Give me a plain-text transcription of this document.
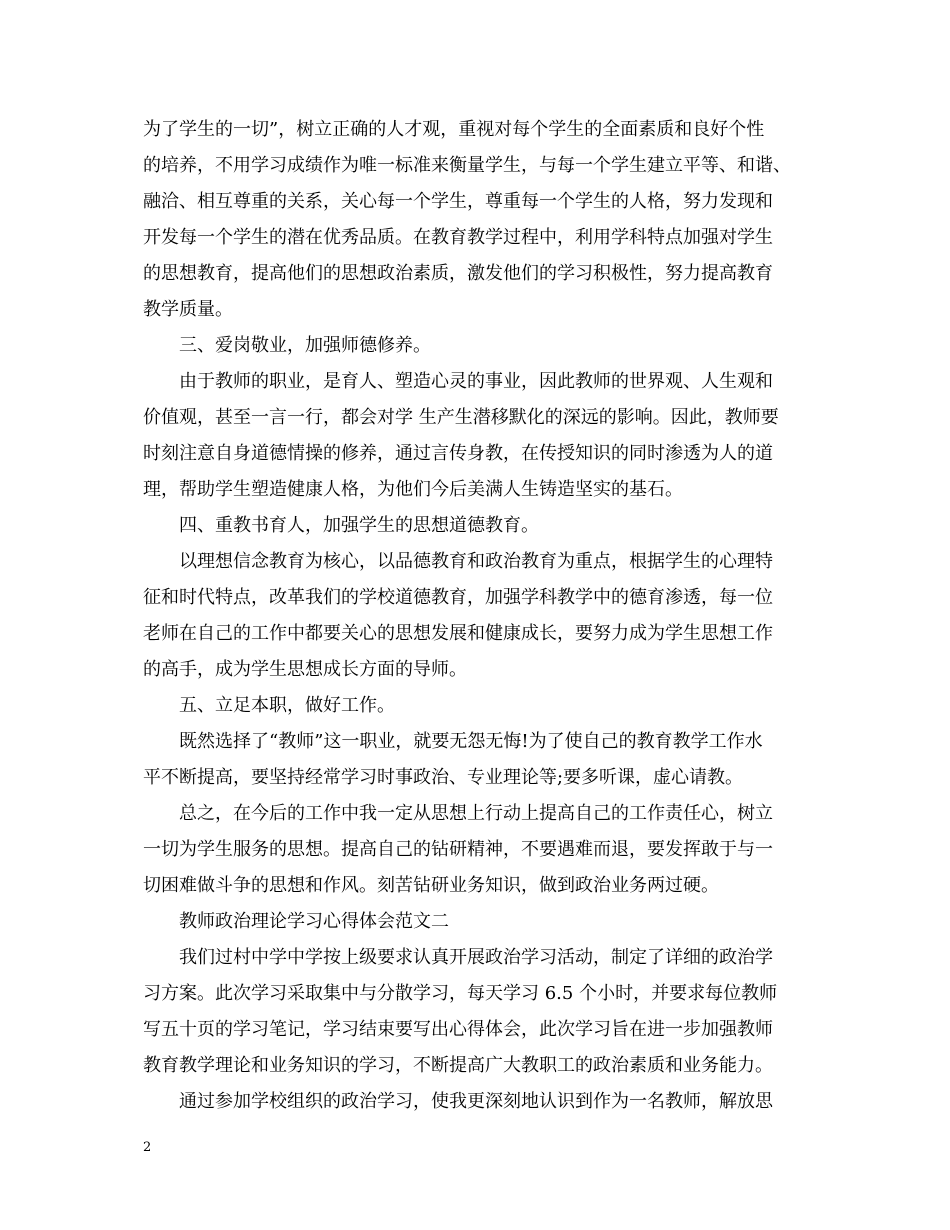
为了学生的一切”，树立正确的人才观，重视对每个学生的全面素质和良好个性
的培养，不用学习成绩作为唯一标准来衡量学生，与每一个学生建立平等、和谐、
融洽、相互尊重的关系，关心每一个学生，尊重每一个学生的人格，努力发现和
开发每一个学生的潜在优秀品质。在教育教学过程中，利用学科特点加强对学生
的思想教育，提高他们的思想政治素质，激发他们的学习积极性，努力提高教育
教学质量。
三、爱岗敬业，加强师德修养。
由于教师的职业，是育人、塑造心灵的事业，因此教师的世界观、人生观和
价值观，甚至一言一行，都会对学 生产生潜移默化的深远的影响。因此，教师要
时刻注意自身道德情操的修养，通过言传身教，在传授知识的同时渗透为人的道
理，帮助学生塑造健康人格，为他们今后美满人生铸造坚实的基石。
四、重教书育人，加强学生的思想道德教育。
以理想信念教育为核心，以品德教育和政治教育为重点，根据学生的心理特
征和时代特点，改革我们的学校道德教育，加强学科教学中的德育渗透，每一位
老师在自己的工作中都要关心的思想发展和健康成长，要努力成为学生思想工作
的高手，成为学生思想成长方面的导师。
五、立足本职，做好工作。
既然选择了“教师”这一职业，就要无怨无悔!为了使自己的教育教学工作水
平不断提高，要坚持经常学习时事政治、专业理论等;要多听课，虚心请教。
总之，在今后的工作中我一定从思想上行动上提高自己的工作责任心，树立
一切为学生服务的思想。提高自己的钻研精神，不要遇难而退，要发挥敢于与一
切困难做斗争的思想和作风。刻苦钻研业务知识，做到政治业务两过硬。
教师政治理论学习心得体会范文二
我们过村中学中学按上级要求认真开展政治学习活动，制定了详细的政治学
习方案。此次学习采取集中与分散学习，每天学习 6.5 个小时，并要求每位教师
写五十页的学习笔记，学习结束要写出心得体会，此次学习旨在进一步加强教师
教育教学理论和业务知识的学习，不断提高广大教职工的政治素质和业务能力。
通过参加学校组织的政治学习，使我更深刻地认识到作为一名教师，解放思
2
